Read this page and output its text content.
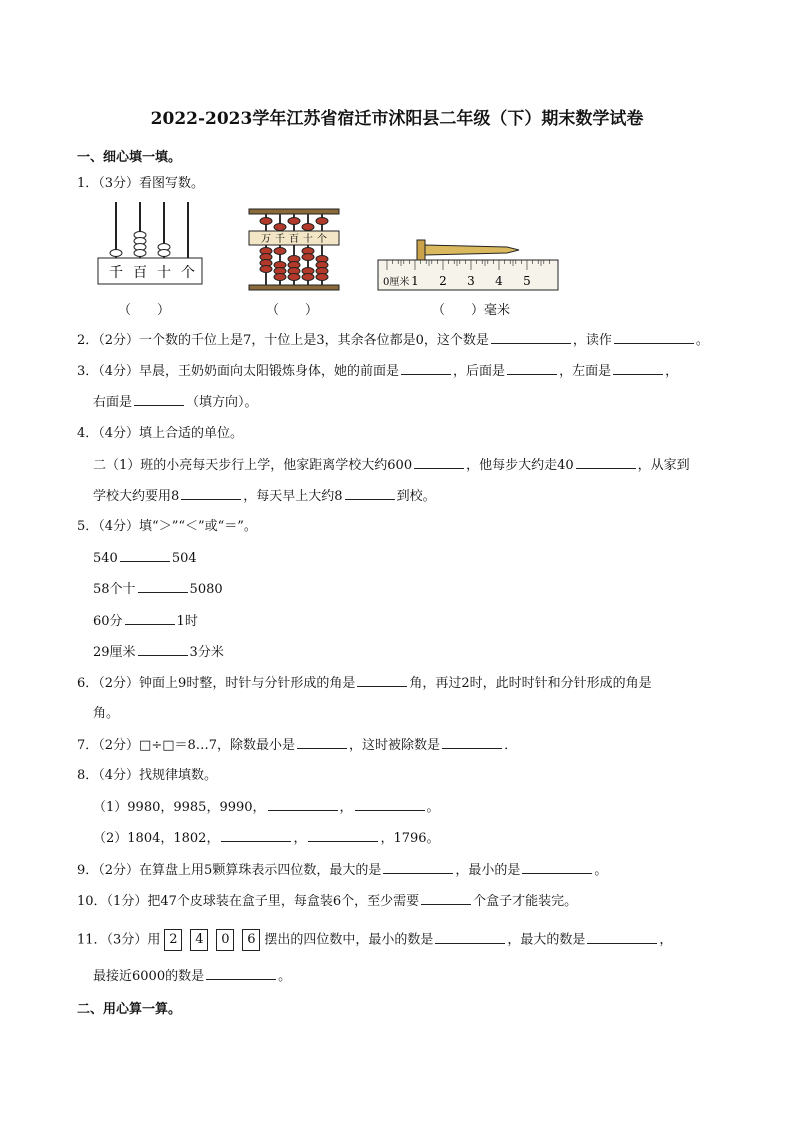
2022-2023学年江苏省宿迁市沭阳县二年级（下）期末数学试卷
一、细心填一填。
1．（3分）看图写数。
千 百 十 个
（　　）
万 千 百 十 个
（　　）
0厘米 1 2 3 4 5
（　　）毫米
2．（2分）一个数的千位上是7，十位上是3，其余各位都是0，这个数是	，读作	。
3．（4分）早晨，王奶奶面向太阳锻炼身体，她的前面是	，后面是	，左面是	，
右面是	（填方向）。
4．（4分）填上合适的单位。
二（1）班的小亮每天步行上学，他家距离学校大约600	，他每步大约走40	，从家到
学校大约要用8	，每天早上大约8	到校。
5．（4分）填“＞”“＜”或“＝”。
540	504
58个十	5080
60分	1时
29厘米	3分米
6．（2分）钟面上9时整，时针与分针形成的角是	角，再过2时，此时时针和分针形成的角是
角。
7．（2分）□÷□＝8…7，除数最小是	，这时被除数是	．
8．（4分）找规律填数。
（1）9980，9985，9990，	，	。
（2）1804，1802，	，	，1796。
9．（2分）在算盘上用5颗算珠表示四位数，最大的是	，最小的是	。
10．（1分）把47个皮球装在盒子里，每盒装6个，至少需要	个盒子才能装完。
11．（3分）用 2 4 0 6 摆出的四位数中，最小的数是	，最大的数是	，
最接近6000的数是	。
二、用心算一算。
